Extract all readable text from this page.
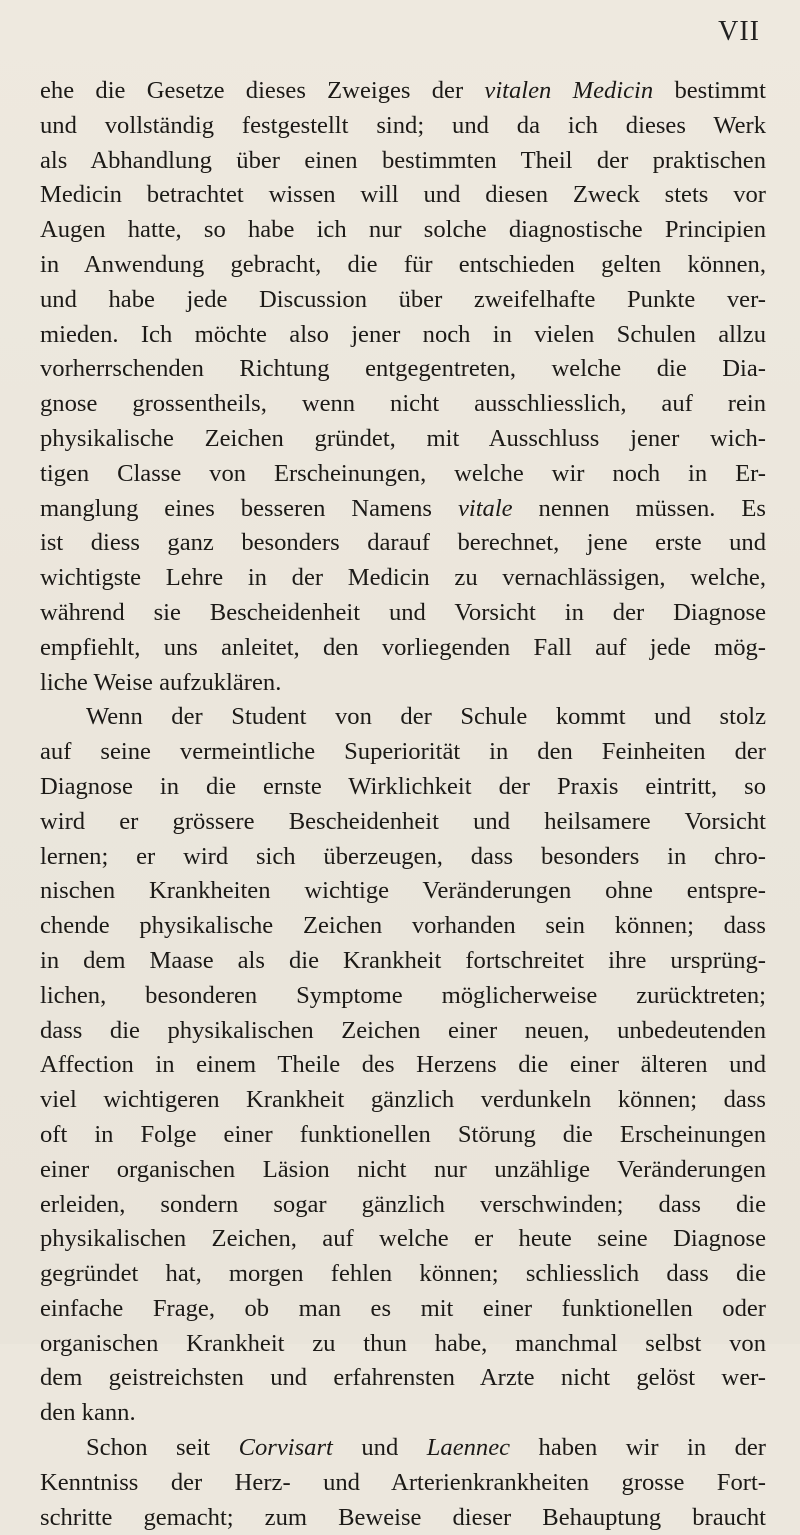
VII
ehe die Gesetze dieses Zweiges der vitalen Medicin bestimmt
und vollständig festgestellt sind; und da ich dieses Werk
als Abhandlung über einen bestimmten Theil der praktischen
Medicin betrachtet wissen will und diesen Zweck stets vor
Augen hatte, so habe ich nur solche diagnostische Principien
in Anwendung gebracht, die für entschieden gelten können,
und habe jede Discussion über zweifelhafte Punkte ver-
mieden. Ich möchte also jener noch in vielen Schulen allzu
vorherrschenden Richtung entgegentreten, welche die Dia-
gnose grossentheils, wenn nicht ausschliesslich, auf rein
physikalische Zeichen gründet, mit Ausschluss jener wich-
tigen Classe von Erscheinungen, welche wir noch in Er-
manglung eines besseren Namens vitale nennen müssen. Es
ist diess ganz besonders darauf berechnet, jene erste und
wichtigste Lehre in der Medicin zu vernachlässigen, welche,
während sie Bescheidenheit und Vorsicht in der Diagnose
empfiehlt, uns anleitet, den vorliegenden Fall auf jede mög-
liche Weise aufzuklären.
Wenn der Student von der Schule kommt und stolz
auf seine vermeintliche Superiorität in den Feinheiten der
Diagnose in die ernste Wirklichkeit der Praxis eintritt, so
wird er grössere Bescheidenheit und heilsamere Vorsicht
lernen; er wird sich überzeugen, dass besonders in chro-
nischen Krankheiten wichtige Veränderungen ohne entspre-
chende physikalische Zeichen vorhanden sein können; dass
in dem Maase als die Krankheit fortschreitet ihre ursprüng-
lichen, besonderen Symptome möglicherweise zurücktreten;
dass die physikalischen Zeichen einer neuen, unbedeutenden
Affection in einem Theile des Herzens die einer älteren und
viel wichtigeren Krankheit gänzlich verdunkeln können; dass
oft in Folge einer funktionellen Störung die Erscheinungen
einer organischen Läsion nicht nur unzählige Veränderungen
erleiden, sondern sogar gänzlich verschwinden; dass die
physikalischen Zeichen, auf welche er heute seine Diagnose
gegründet hat, morgen fehlen können; schliesslich dass die
einfache Frage, ob man es mit einer funktionellen oder
organischen Krankheit zu thun habe, manchmal selbst von
dem geistreichsten und erfahrensten Arzte nicht gelöst wer-
den kann.
Schon seit Corvisart und Laennec haben wir in der
Kenntniss der Herz- und Arterienkrankheiten grosse Fort-
schritte gemacht; zum Beweise dieser Behauptung braucht
